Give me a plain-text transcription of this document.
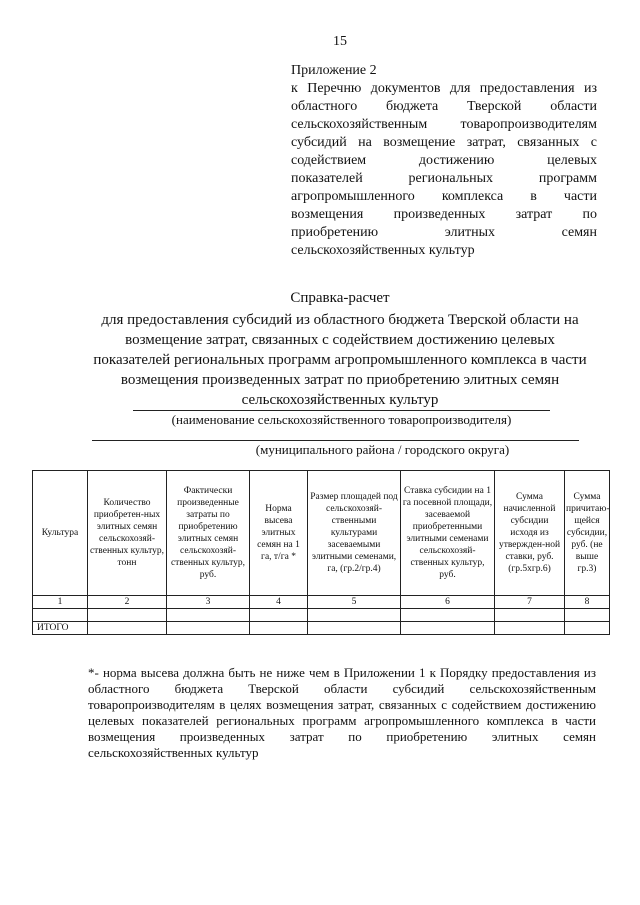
15
Приложение 2
к Перечню документов для предоставления из
областного бюджета Тверской области
сельскохозяйственным товаропроизводителям
субсидий на возмещение затрат, связанных с
содействием достижению целевых
показателей региональных программ
агропромышленного комплекса в части
возмещения произведенных затрат по
приобретению элитных семян
сельскохозяйственных культур
Справка-расчет
для предоставления субсидий из областного бюджета Тверской области на
возмещение затрат, связанных с содействием достижению целевых
показателей региональных программ агропромышленного комплекса в части
возмещения произведенных затрат по приобретению элитных семян
сельскохозяйственных культур
(наименование сельскохозяйственного товаропроизводителя)
(муниципального района / городского округа)
Культура	Количество приобретен-ных элитных семян сельскохозяй-ственных культур, тонн	Фактически произведенные затраты по приобретению элитных семян сельскохозяй-ственных культур, руб.	Норма высева элитных семян на 1 га, т/га *	Размер площадей под сельскохозяй-ственными культурами засеваемыми элитными семенами, га, (гр.2/гр.4)	Ставка субсидии на 1 га посевной площади, засеваемой приобретенными элитными семенами сельскохозяй-ственных культур, руб.	Сумма начисленной субсидии исходя из утвержден-ной ставки, руб. (гр.5хгр.6)	Сумма причитаю-щейся субсидии, руб. (не выше гр.3)
1	2	3	4	5	6	7	8

ИТОГО							
*- норма высева должна быть не ниже чем в Приложении 1 к Порядку предоставления из
областного бюджета Тверской области субсидий сельскохозяйственным
товаропроизводителям в целях возмещения затрат, связанных с содействием достижению
целевых показателей региональных программ агропромышленного комплекса в части
возмещения произведенных затрат по приобретению элитных семян
сельскохозяйственных культур
